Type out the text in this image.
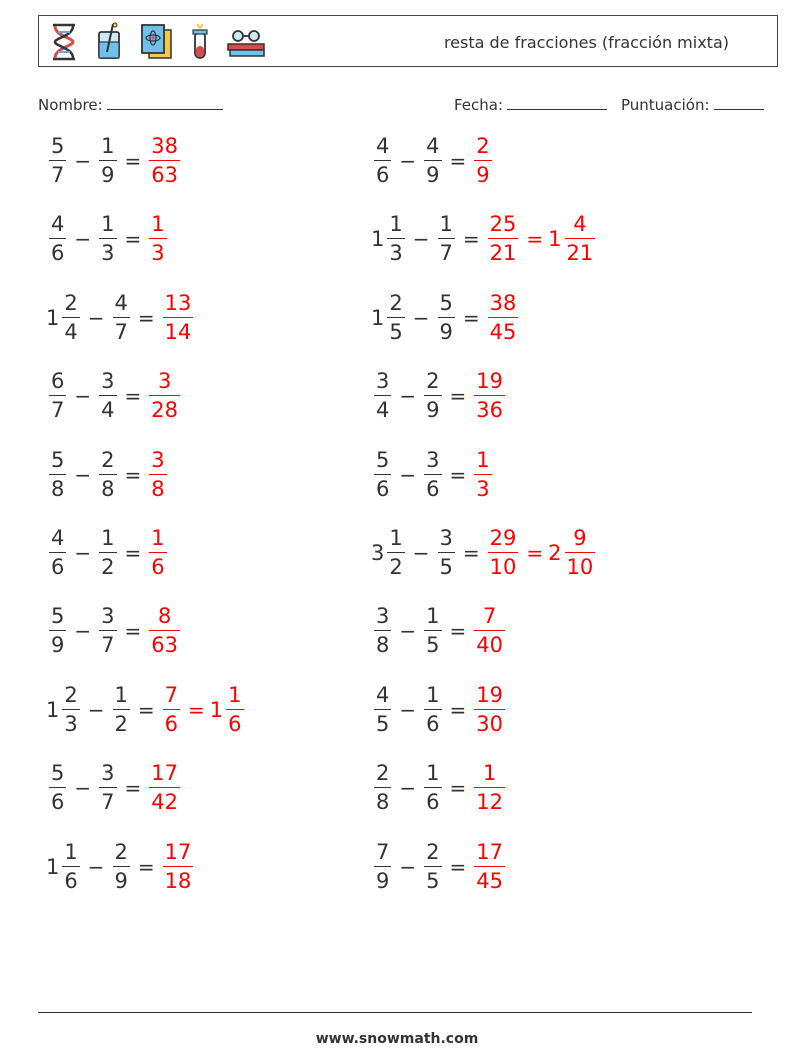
resta de fracciones (fracción mixta)
Nombre:	Fecha:	Puntuación:
$\frac{5}{7} - \frac{1}{9} = \frac{38}{63}$	$\frac{4}{6} - \frac{4}{9} = \frac{2}{9}$
$\frac{4}{6} - \frac{1}{3} = \frac{1}{3}$	$1 \frac{1}{3} - \frac{1}{7} = \frac{25}{21} = 1 \frac{4}{21}$
$1 \frac{2}{4} - \frac{4}{7} = \frac{13}{14}$	$1 \frac{2}{5} - \frac{5}{9} = \frac{38}{45}$
$\frac{6}{7} - \frac{3}{4} = \frac{3}{28}$	$\frac{3}{4} - \frac{2}{9} = \frac{19}{36}$
$\frac{5}{8} - \frac{2}{8} = \frac{3}{8}$	$\frac{5}{6} - \frac{3}{6} = \frac{1}{3}$
$\frac{4}{6} - \frac{1}{2} = \frac{1}{6}$	$3 \frac{1}{2} - \frac{3}{5} = \frac{29}{10} = 2 \frac{9}{10}$
$\frac{5}{9} - \frac{3}{7} = \frac{8}{63}$	$\frac{3}{8} - \frac{1}{5} = \frac{7}{40}$
$1 \frac{2}{3} - \frac{1}{2} = \frac{7}{6} = 1 \frac{1}{6}$	$\frac{4}{5} - \frac{1}{6} = \frac{19}{30}$
$\frac{5}{6} - \frac{3}{7} = \frac{17}{42}$	$\frac{2}{8} - \frac{1}{6} = \frac{1}{12}$
$1 \frac{1}{6} - \frac{2}{9} = \frac{17}{18}$	$\frac{7}{9} - \frac{2}{5} = \frac{17}{45}$
www.snowmath.com
